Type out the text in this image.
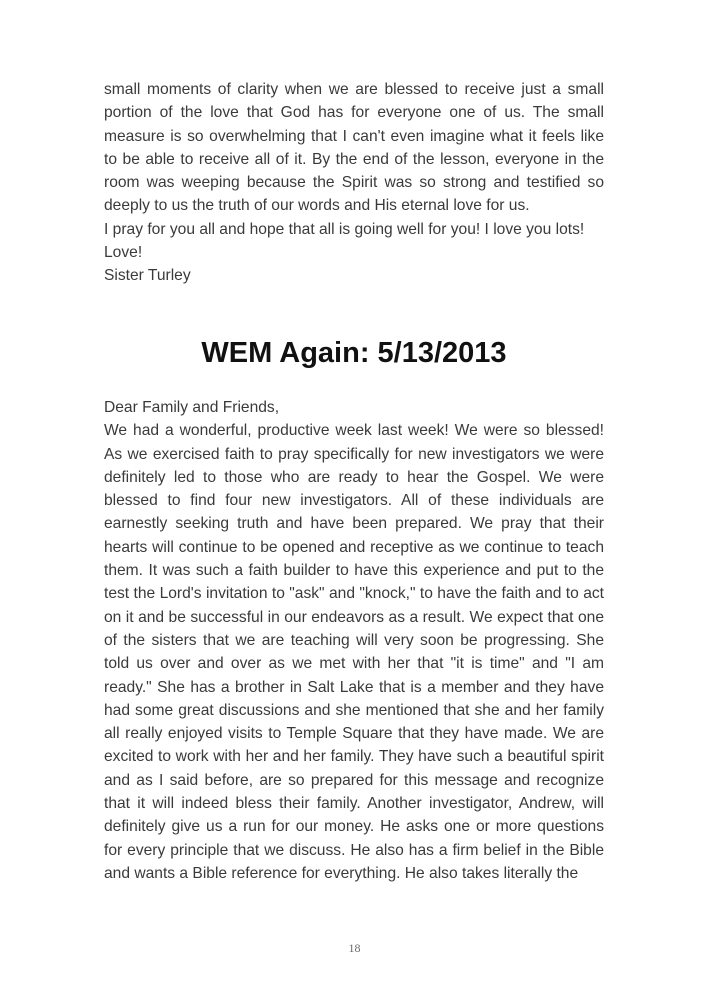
small moments of clarity when we are blessed to receive just a small portion of the love that God has for everyone one of us. The small measure is so overwhelming that I can't even imagine what it feels like to be able to receive all of it. By the end of the lesson, everyone in the room was weeping because the Spirit was so strong and testified so deeply to us the truth of our words and His eternal love for us.

I pray for you all and hope that all is going well for you! I love you lots!

Love!

Sister Turley

WEM Again: 5/13/2013

Dear Family and Friends,

We had a wonderful, productive week last week! We were so blessed! As we exercised faith to pray specifically for new investigators we were definitely led to those who are ready to hear the Gospel. We were blessed to find four new investigators. All of these individuals are earnestly seeking truth and have been prepared. We pray that their hearts will continue to be opened and receptive as we continue to teach them. It was such a faith builder to have this experience and put to the test the Lord's invitation to "ask" and "knock," to have the faith and to act on it and be successful in our endeavors as a result. We expect that one of the sisters that we are teaching will very soon be progressing. She told us over and over as we met with her that "it is time" and "I am ready." She has a brother in Salt Lake that is a member and they have had some great discussions and she mentioned that she and her family all really enjoyed visits to Temple Square that they have made. We are excited to work with her and her family. They have such a beautiful spirit and as I said before, are so prepared for this message and recognize that it will indeed bless their family. Another investigator, Andrew, will definitely give us a run for our money. He asks one or more questions for every principle that we discuss. He also has a firm belief in the Bible and wants a Bible reference for everything. He also takes literally the

18
